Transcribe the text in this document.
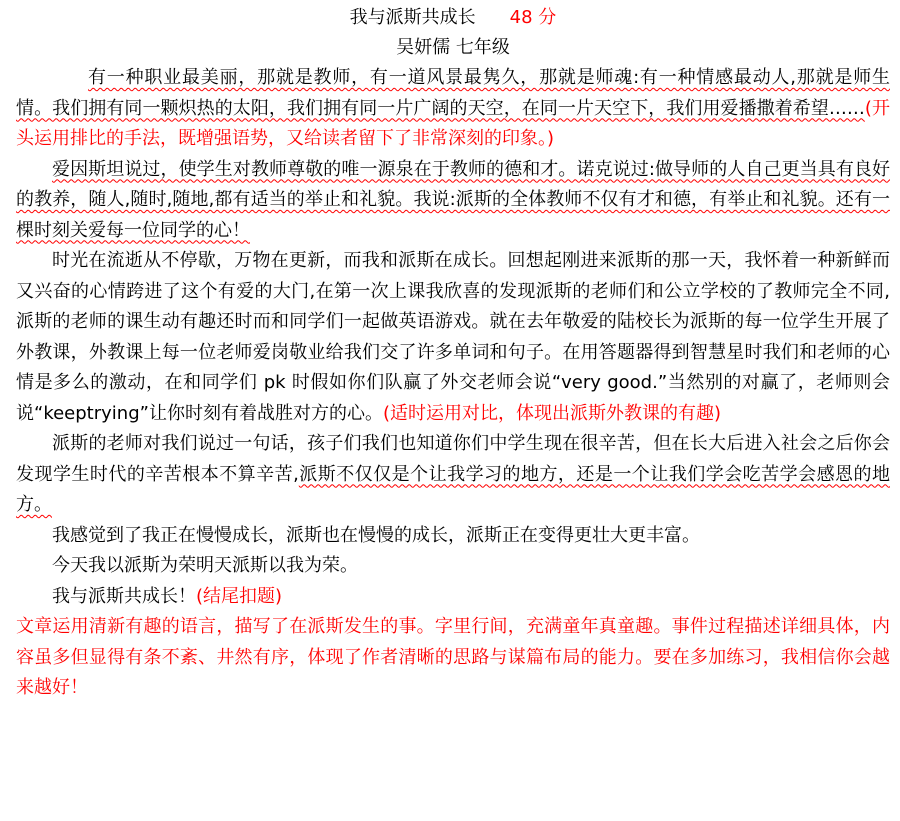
我与派斯共成长 48 分
吴妍儒 七年级

有一种职业最美丽，那就是教师，有一道风景最隽久，那就是师魂:有一种情感最动人,那就是师生情。我们拥有同一颗炽热的太阳，我们拥有同一片广阔的天空，在同一片天空下，我们用爱播撒着希望……(开头运用排比的手法，既增强语势，又给读者留下了非常深刻的印象。)

爱因斯坦说过，使学生对教师尊敬的唯一源泉在于教师的德和才。诺克说过:做导师的人自己更当具有良好的教养，随人,随时,随地,都有适当的举止和礼貌。我说:派斯的全体教师不仅有才和德，有举止和礼貌。还有一棵时刻关爱每一位同学的心！

时光在流逝从不停歇，万物在更新，而我和派斯在成长。回想起刚进来派斯的那一天，我怀着一种新鲜而又兴奋的心情跨进了这个有爱的大门,在第一次上课我欣喜的发现派斯的老师们和公立学校的了教师完全不同,派斯的老师的课生动有趣还时而和同学们一起做英语游戏。就在去年敬爱的陆校长为派斯的每一位学生开展了外教课，外教课上每一位老师爱岗敬业给我们交了许多单词和句子。在用答题器得到智慧星时我们和老师的心情是多么的激动，在和同学们 pk 时假如你们队赢了外交老师会说“very good.”当然别的对赢了，老师则会说“keeptrying”让你时刻有着战胜对方的心。(适时运用对比，体现出派斯外教课的有趣)

派斯的老师对我们说过一句话，孩子们我们也知道你们中学生现在很辛苦，但在长大后进入社会之后你会发现学生时代的辛苦根本不算辛苦,派斯不仅仅是个让我学习的地方，还是一个让我们学会吃苦学会感恩的地方。

我感觉到了我正在慢慢成长，派斯也在慢慢的成长，派斯正在变得更壮大更丰富。

今天我以派斯为荣明天派斯以我为荣。

我与派斯共成长！(结尾扣题)

文章运用清新有趣的语言，描写了在派斯发生的事。字里行间，充满童年真童趣。事件过程描述详细具体，内容虽多但显得有条不紊、井然有序，体现了作者清晰的思路与谋篇布局的能力。要在多加练习，我相信你会越来越好！
